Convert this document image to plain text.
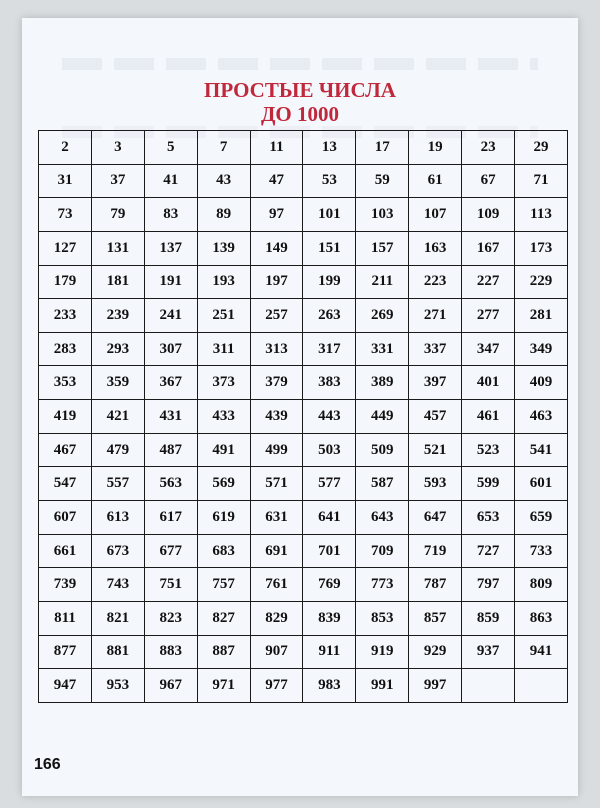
ПРОСТЫЕ ЧИСЛА
ДО 1000
2	3	5	7	11	13	17	19	23	29
31	37	41	43	47	53	59	61	67	71
73	79	83	89	97	101	103	107	109	113
127	131	137	139	149	151	157	163	167	173
179	181	191	193	197	199	211	223	227	229
233	239	241	251	257	263	269	271	277	281
283	293	307	311	313	317	331	337	347	349
353	359	367	373	379	383	389	397	401	409
419	421	431	433	439	443	449	457	461	463
467	479	487	491	499	503	509	521	523	541
547	557	563	569	571	577	587	593	599	601
607	613	617	619	631	641	643	647	653	659
661	673	677	683	691	701	709	719	727	733
739	743	751	757	761	769	773	787	797	809
811	821	823	827	829	839	853	857	859	863
877	881	883	887	907	911	919	929	937	941
947	953	967	971	977	983	991	997		
166
